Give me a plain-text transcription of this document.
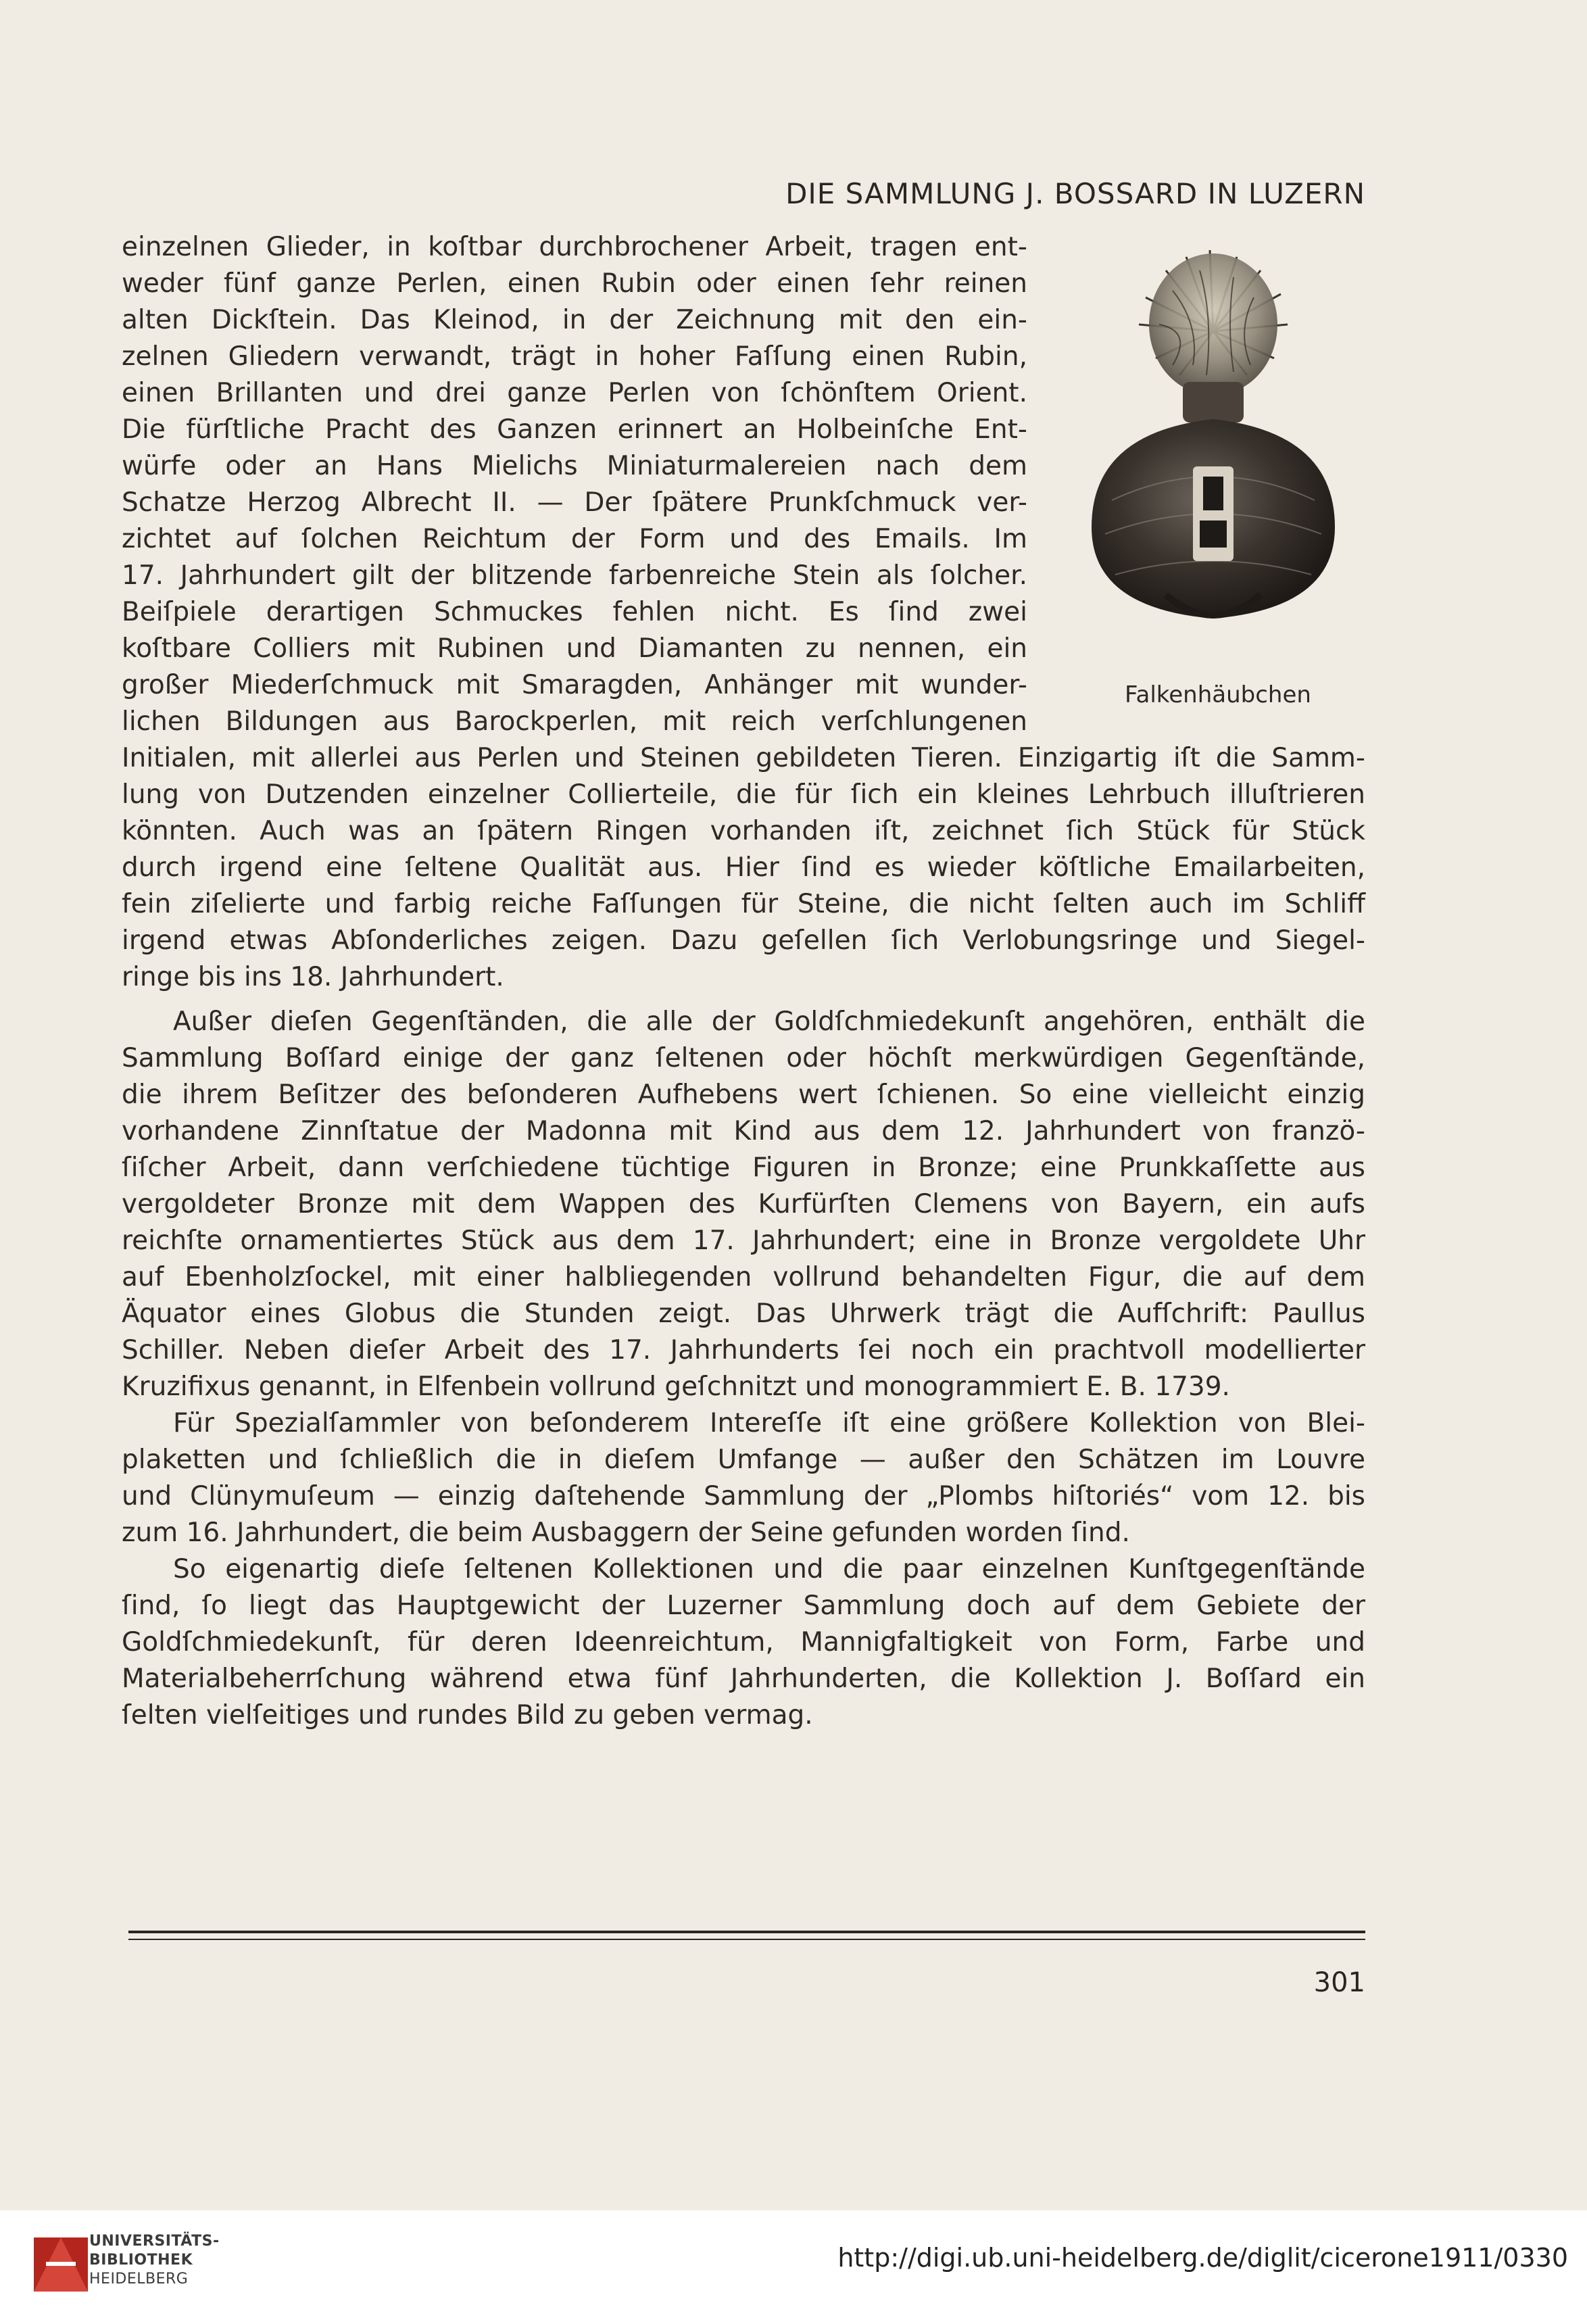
DIE SAMMLUNG J. BOSSARD IN LUZERN
Falkenhäubchen
einzelnen Glieder, in koſtbar durchbrochener Arbeit, tragen ent-
weder fünf ganze Perlen, einen Rubin oder einen ſehr reinen
alten Dickſtein. Das Kleinod, in der Zeichnung mit den ein-
zelnen Gliedern verwandt, trägt in hoher Faſſung einen Rubin,
einen Brillanten und drei ganze Perlen von ſchönſtem Orient.
Die fürſtliche Pracht des Ganzen erinnert an Holbeinſche Ent-
würfe oder an Hans Mielichs Miniaturmalereien nach dem
Schatze Herzog Albrecht II. — Der ſpätere Prunkſchmuck ver-
zichtet auf ſolchen Reichtum der Form und des Emails. Im
17. Jahrhundert gilt der blitzende farbenreiche Stein als ſolcher.
Beiſpiele derartigen Schmuckes fehlen nicht. Es ſind zwei
koſtbare Colliers mit Rubinen und Diamanten zu nennen, ein
großer Miederſchmuck mit Smaragden, Anhänger mit wunder-
lichen Bildungen aus Barockperlen, mit reich verſchlungenen
Initialen, mit allerlei aus Perlen und Steinen gebildeten Tieren. Einzigartig iſt die Samm-
lung von Dutzenden einzelner Collierteile, die für ſich ein kleines Lehrbuch illuſtrieren
könnten. Auch was an ſpätern Ringen vorhanden iſt, zeichnet ſich Stück für Stück
durch irgend eine ſeltene Qualität aus. Hier ſind es wieder köſtliche Emailarbeiten,
fein ziſelierte und farbig reiche Faſſungen für Steine, die nicht ſelten auch im Schliff
irgend etwas Abſonderliches zeigen. Dazu geſellen ſich Verlobungsringe und Siegel-
ringe bis ins 18. Jahrhundert.
Außer dieſen Gegenſtänden, die alle der Goldſchmiedekunſt angehören, enthält die
Sammlung Boſſard einige der ganz ſeltenen oder höchſt merkwürdigen Gegenſtände,
die ihrem Beſitzer des beſonderen Aufhebens wert ſchienen. So eine vielleicht einzig
vorhandene Zinnſtatue der Madonna mit Kind aus dem 12. Jahrhundert von franzö-
ſiſcher Arbeit, dann verſchiedene tüchtige Figuren in Bronze; eine Prunkkaſſette aus
vergoldeter Bronze mit dem Wappen des Kurfürſten Clemens von Bayern, ein aufs
reichſte ornamentiertes Stück aus dem 17. Jahrhundert; eine in Bronze vergoldete Uhr
auf Ebenholzſockel, mit einer halbliegenden vollrund behandelten Figur, die auf dem
Äquator eines Globus die Stunden zeigt. Das Uhrwerk trägt die Aufſchrift: Paullus
Schiller. Neben dieſer Arbeit des 17. Jahrhunderts ſei noch ein prachtvoll modellierter
Kruzifixus genannt, in Elfenbein vollrund geſchnitzt und monogrammiert E. B. 1739.
Für Spezialſammler von beſonderem Intereſſe iſt eine größere Kollektion von Blei-
plaketten und ſchließlich die in dieſem Umfange — außer den Schätzen im Louvre
und Clünymuſeum — einzig daſtehende Sammlung der „Plombs hiſtoriés“ vom 12. bis
zum 16. Jahrhundert, die beim Ausbaggern der Seine gefunden worden ſind.
So eigenartig dieſe ſeltenen Kollektionen und die paar einzelnen Kunſtgegenſtände
ſind, ſo liegt das Hauptgewicht der Luzerner Sammlung doch auf dem Gebiete der
Goldſchmiedekunſt, für deren Ideenreichtum, Mannigfaltigkeit von Form, Farbe und
Materialbeherrſchung während etwa fünf Jahrhunderten, die Kollektion J. Boſſard ein
ſelten vielſeitiges und rundes Bild zu geben vermag.
301
UNIVERSITÄTS-
BIBLIOTHEK
HEIDELBERG
http://digi.ub.uni-heidelberg.de/diglit/cicerone1911/0330
